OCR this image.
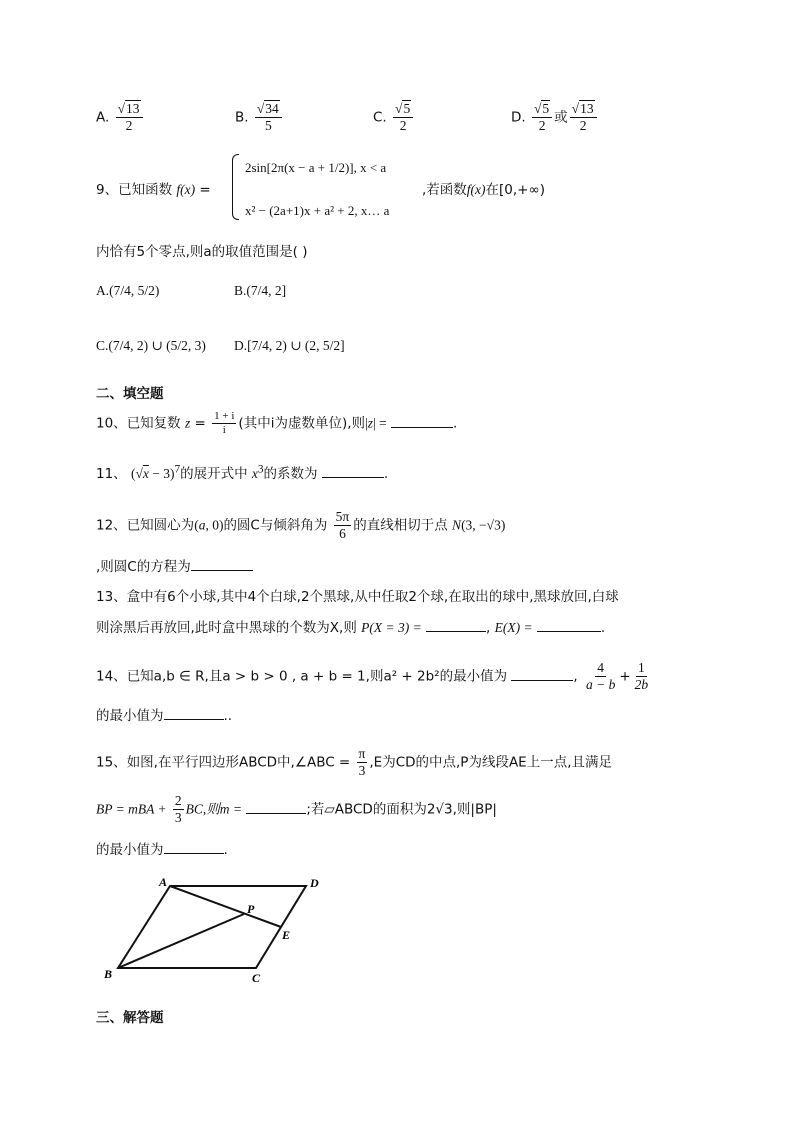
A. $\frac{√13}{2}$	B. $\frac{√34}{5}$	C. $\frac{√5}{2}$	D. $\frac{√5}{2}$ 或 $\frac{√13}{2}$
9、已知函数 f(x) =
2sin[2π(x − a + 1/2)], x < a
x² − (2a+1)x + a² + 2, x… a
,若函数f(x)在[0,+∞)
内恰有5个零点,则a的取值范围是( )
A.(7/4, 5/2)	B.(7/4, 2]
C.(7/4, 2) ∪ (5/2, 3) D.[7/4, 2) ∪ (2, 5/2]
二、填空题
10、已知复数 $z = \frac{1 + i}{i}$ (其中i为虚数单位),则|z| =	.
11、 $(√x - 3)^7$的展开式中 $x^3$的系数为	.
12、已知圆心为(a, 0)的圆C与倾斜角为 $\frac{5\pi}{6}$ 的直线相切于点 N(3, −√3)
,则圆C的方程为
13、盒中有6个小球,其中4个白球,2个黑球,从中任取2个球,在取出的球中,黑球放回,白球
则涂黑后再放回,此时盒中黑球的个数为X,则 P(X = 3) =	, E(X) =	.
14、已知a,b ∈ R,且a > b > 0 , a + b = 1,则a² + 2b²的最小值为	, $\frac{4}{a - b} + \frac{1}{2b}$
的最小值为	..
15、如图,在平行四边形ABCD中,∠ABC = $\frac{\pi}{3} ,E$为CD的中点,P为线段AE上一点,且满足
BP = mBA + $\frac{2}{3}$ BC,则m =	;若▱ABCD的面积为2√3,则|BP|
的最小值为	.
A	D
B	C
E
P
三、解答题
